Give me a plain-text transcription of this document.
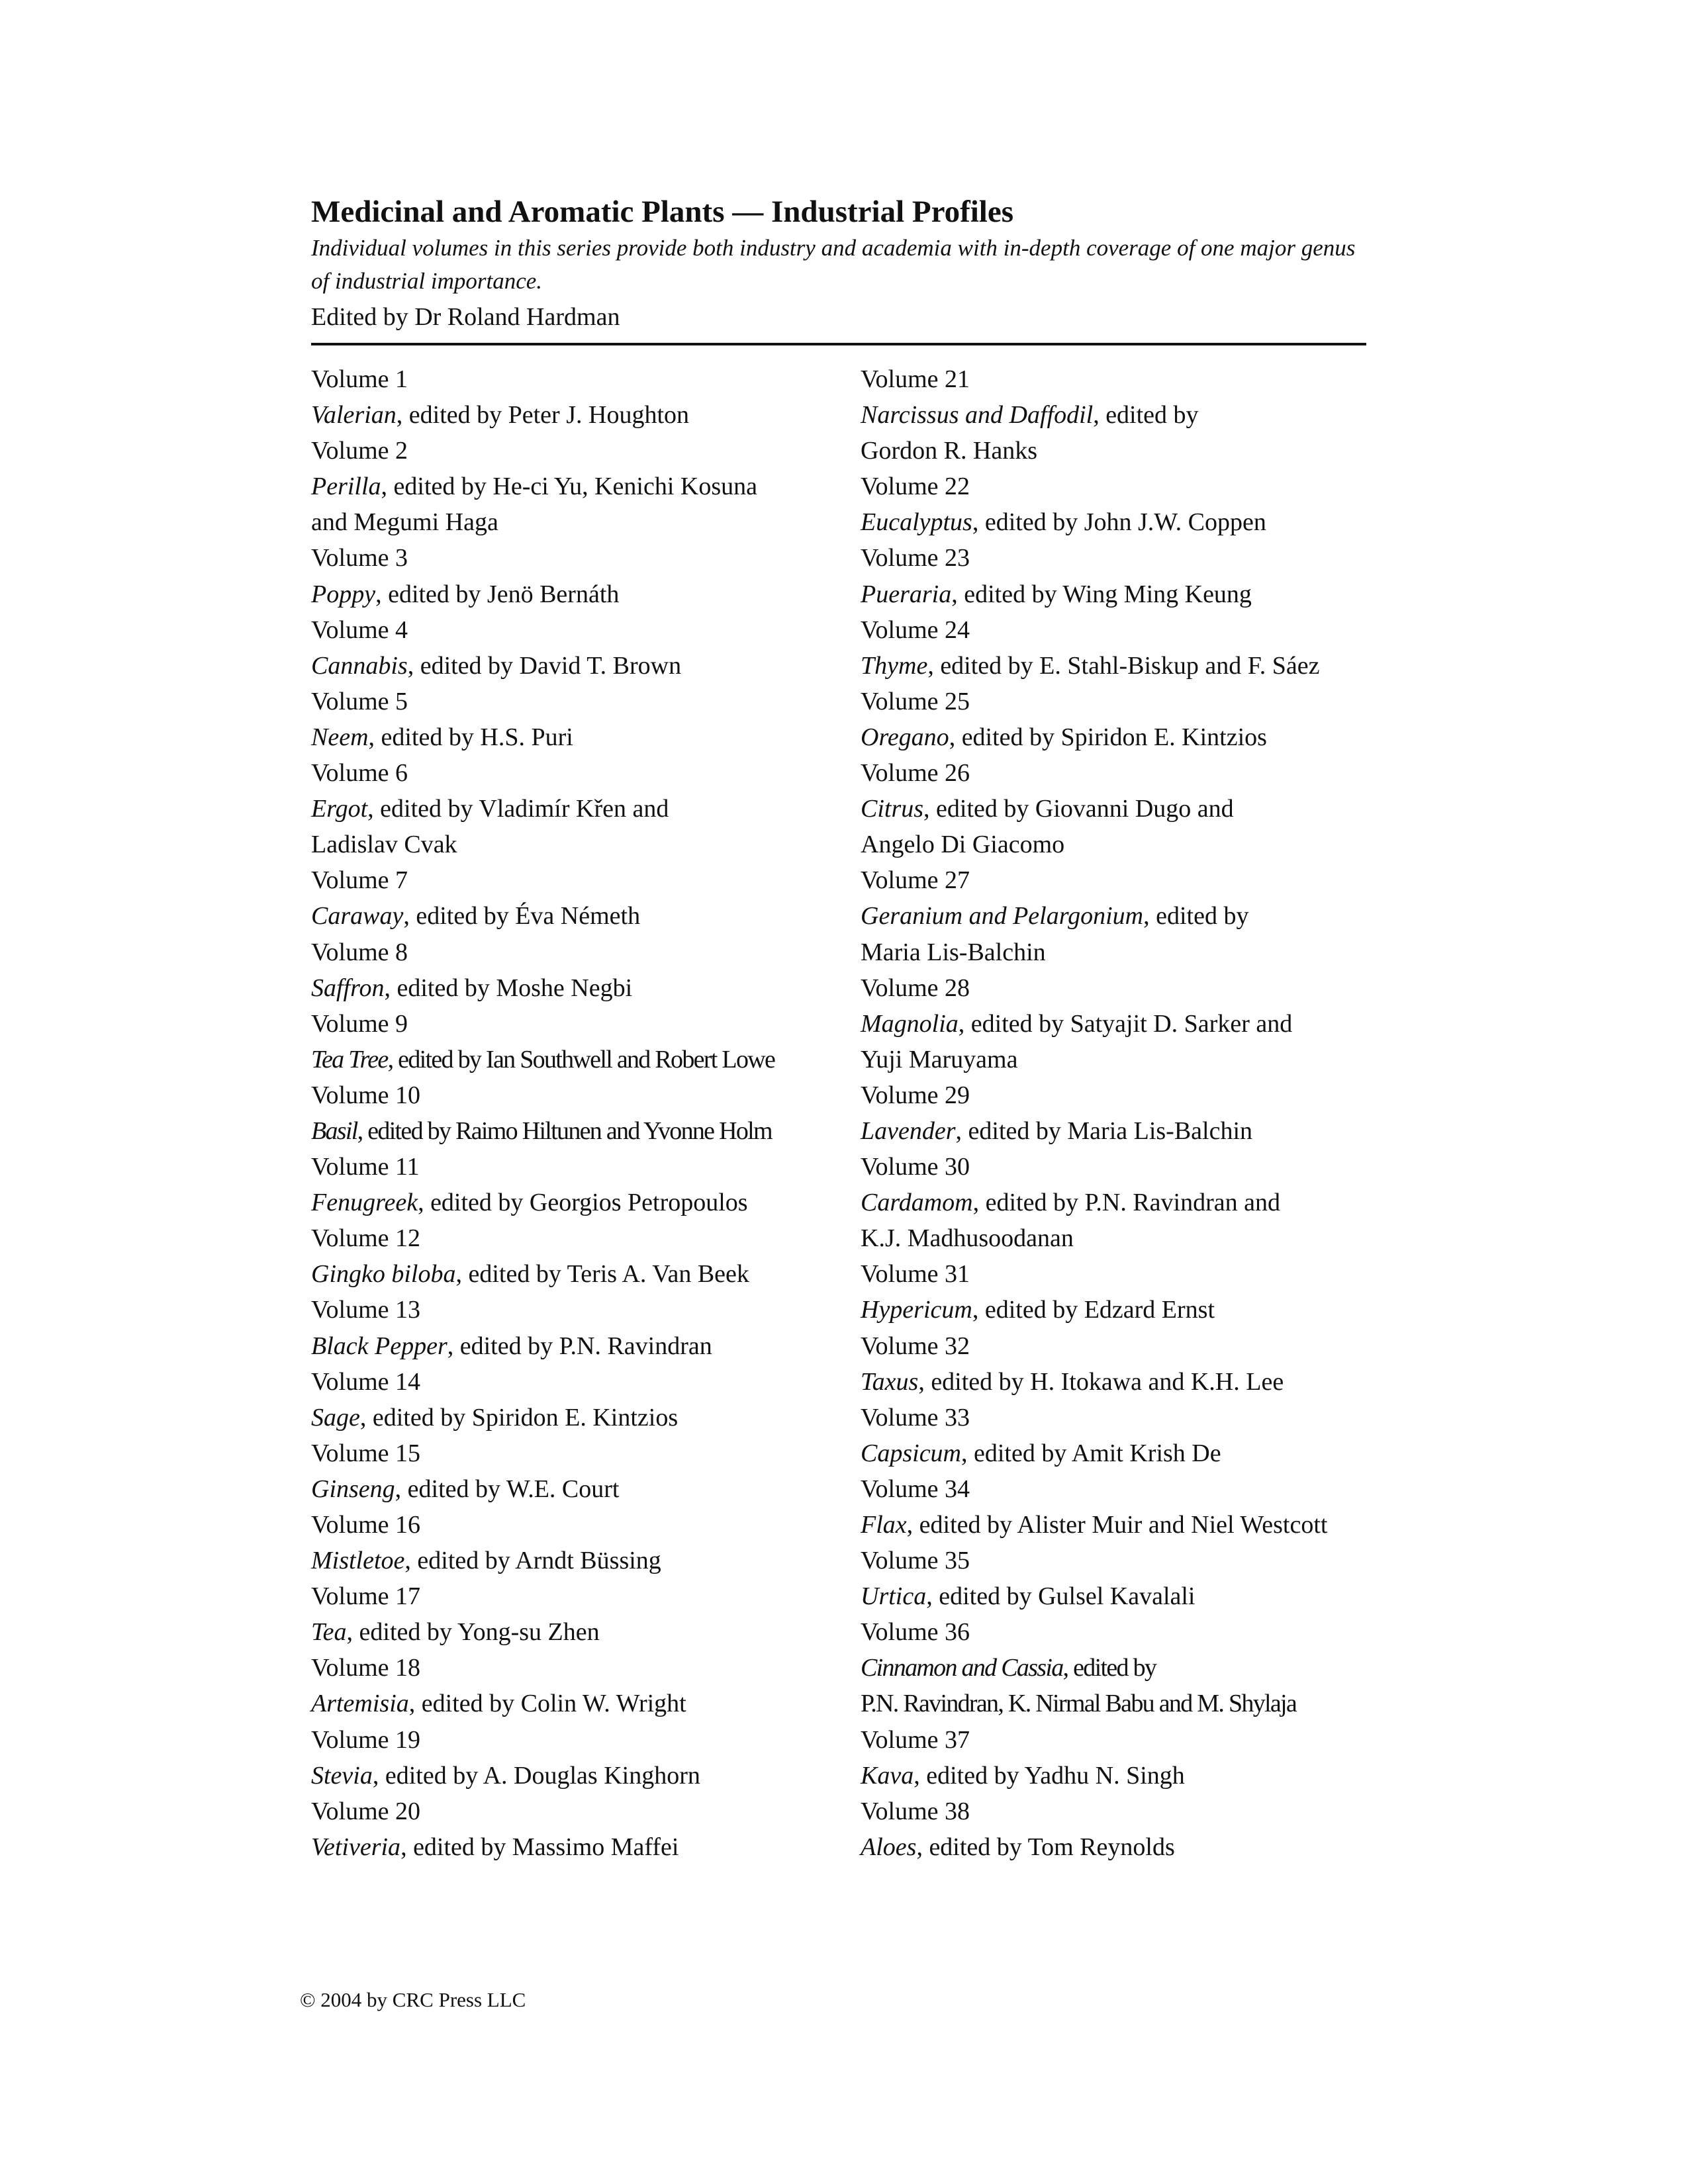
Medicinal and Aromatic Plants — Industrial Profiles

Individual volumes in this series provide both industry and academia with in-depth coverage of one major genus of industrial importance.

Edited by Dr Roland Hardman

Volume 1
Valerian, edited by Peter J. Houghton
Volume 2
Perilla, edited by He-ci Yu, Kenichi Kosuna
and Megumi Haga
Volume 3
Poppy, edited by Jenö Bernáth
Volume 4
Cannabis, edited by David T. Brown
Volume 5
Neem, edited by H.S. Puri
Volume 6
Ergot, edited by Vladimír Křen and
Ladislav Cvak
Volume 7
Caraway, edited by Éva Németh
Volume 8
Saffron, edited by Moshe Negbi
Volume 9
Tea Tree, edited by Ian Southwell and Robert Lowe
Volume 10
Basil, edited by Raimo Hiltunen and Yvonne Holm
Volume 11
Fenugreek, edited by Georgios Petropoulos
Volume 12
Gingko biloba, edited by Teris A. Van Beek
Volume 13
Black Pepper, edited by P.N. Ravindran
Volume 14
Sage, edited by Spiridon E. Kintzios
Volume 15
Ginseng, edited by W.E. Court
Volume 16
Mistletoe, edited by Arndt Büssing
Volume 17
Tea, edited by Yong-su Zhen
Volume 18
Artemisia, edited by Colin W. Wright
Volume 19
Stevia, edited by A. Douglas Kinghorn
Volume 20
Vetiveria, edited by Massimo Maffei
Volume 21
Narcissus and Daffodil, edited by
Gordon R. Hanks
Volume 22
Eucalyptus, edited by John J.W. Coppen
Volume 23
Pueraria, edited by Wing Ming Keung
Volume 24
Thyme, edited by E. Stahl-Biskup and F. Sáez
Volume 25
Oregano, edited by Spiridon E. Kintzios
Volume 26
Citrus, edited by Giovanni Dugo and
Angelo Di Giacomo
Volume 27
Geranium and Pelargonium, edited by
Maria Lis-Balchin
Volume 28
Magnolia, edited by Satyajit D. Sarker and
Yuji Maruyama
Volume 29
Lavender, edited by Maria Lis-Balchin
Volume 30
Cardamom, edited by P.N. Ravindran and
K.J. Madhusoodanan
Volume 31
Hypericum, edited by Edzard Ernst
Volume 32
Taxus, edited by H. Itokawa and K.H. Lee
Volume 33
Capsicum, edited by Amit Krish De
Volume 34
Flax, edited by Alister Muir and Niel Westcott
Volume 35
Urtica, edited by Gulsel Kavalali
Volume 36
Cinnamon and Cassia, edited by
P.N. Ravindran, K. Nirmal Babu and M. Shylaja
Volume 37
Kava, edited by Yadhu N. Singh
Volume 38
Aloes, edited by Tom Reynolds
© 2004 by CRC Press LLC
